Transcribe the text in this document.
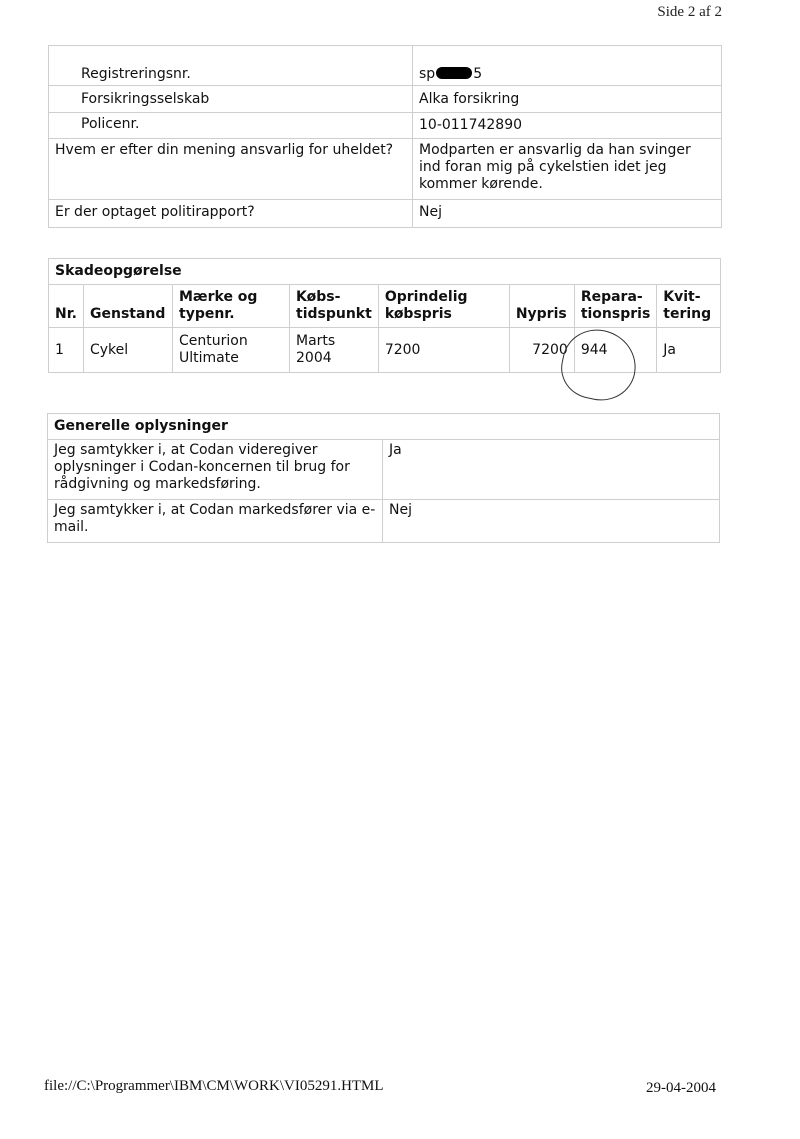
Side 2 af 2
Registreringsnr.	sp 5
Forsikringsselskab	Alka forsikring
Policenr.	10-011742890
Hvem er efter din mening ansvarlig for uheldet?	Modparten er ansvarlig da han svinger ind foran mig på cykelstien idet jeg kommer kørende.
Er der optaget politirapport?	Nej
Skadeopgørelse							
Nr.	Genstand	Mærke og typenr.	Købs-tidspunkt	Oprindelig købspris	Nypris	Repara-tionspris	Kvit-tering
1	Cykel	Centurion Ultimate	Marts 2004	7200	7200	944	Ja
Generelle oplysninger	
Jeg samtykker i, at Codan videregiver oplysninger i Codan-koncernen til brug for rådgivning og markedsføring.	Ja
Jeg samtykker i, at Codan markedsfører via e-mail.	Nej
file://C:\Programmer\IBM\CM\WORK\VI05291.HTML	29-04-2004
